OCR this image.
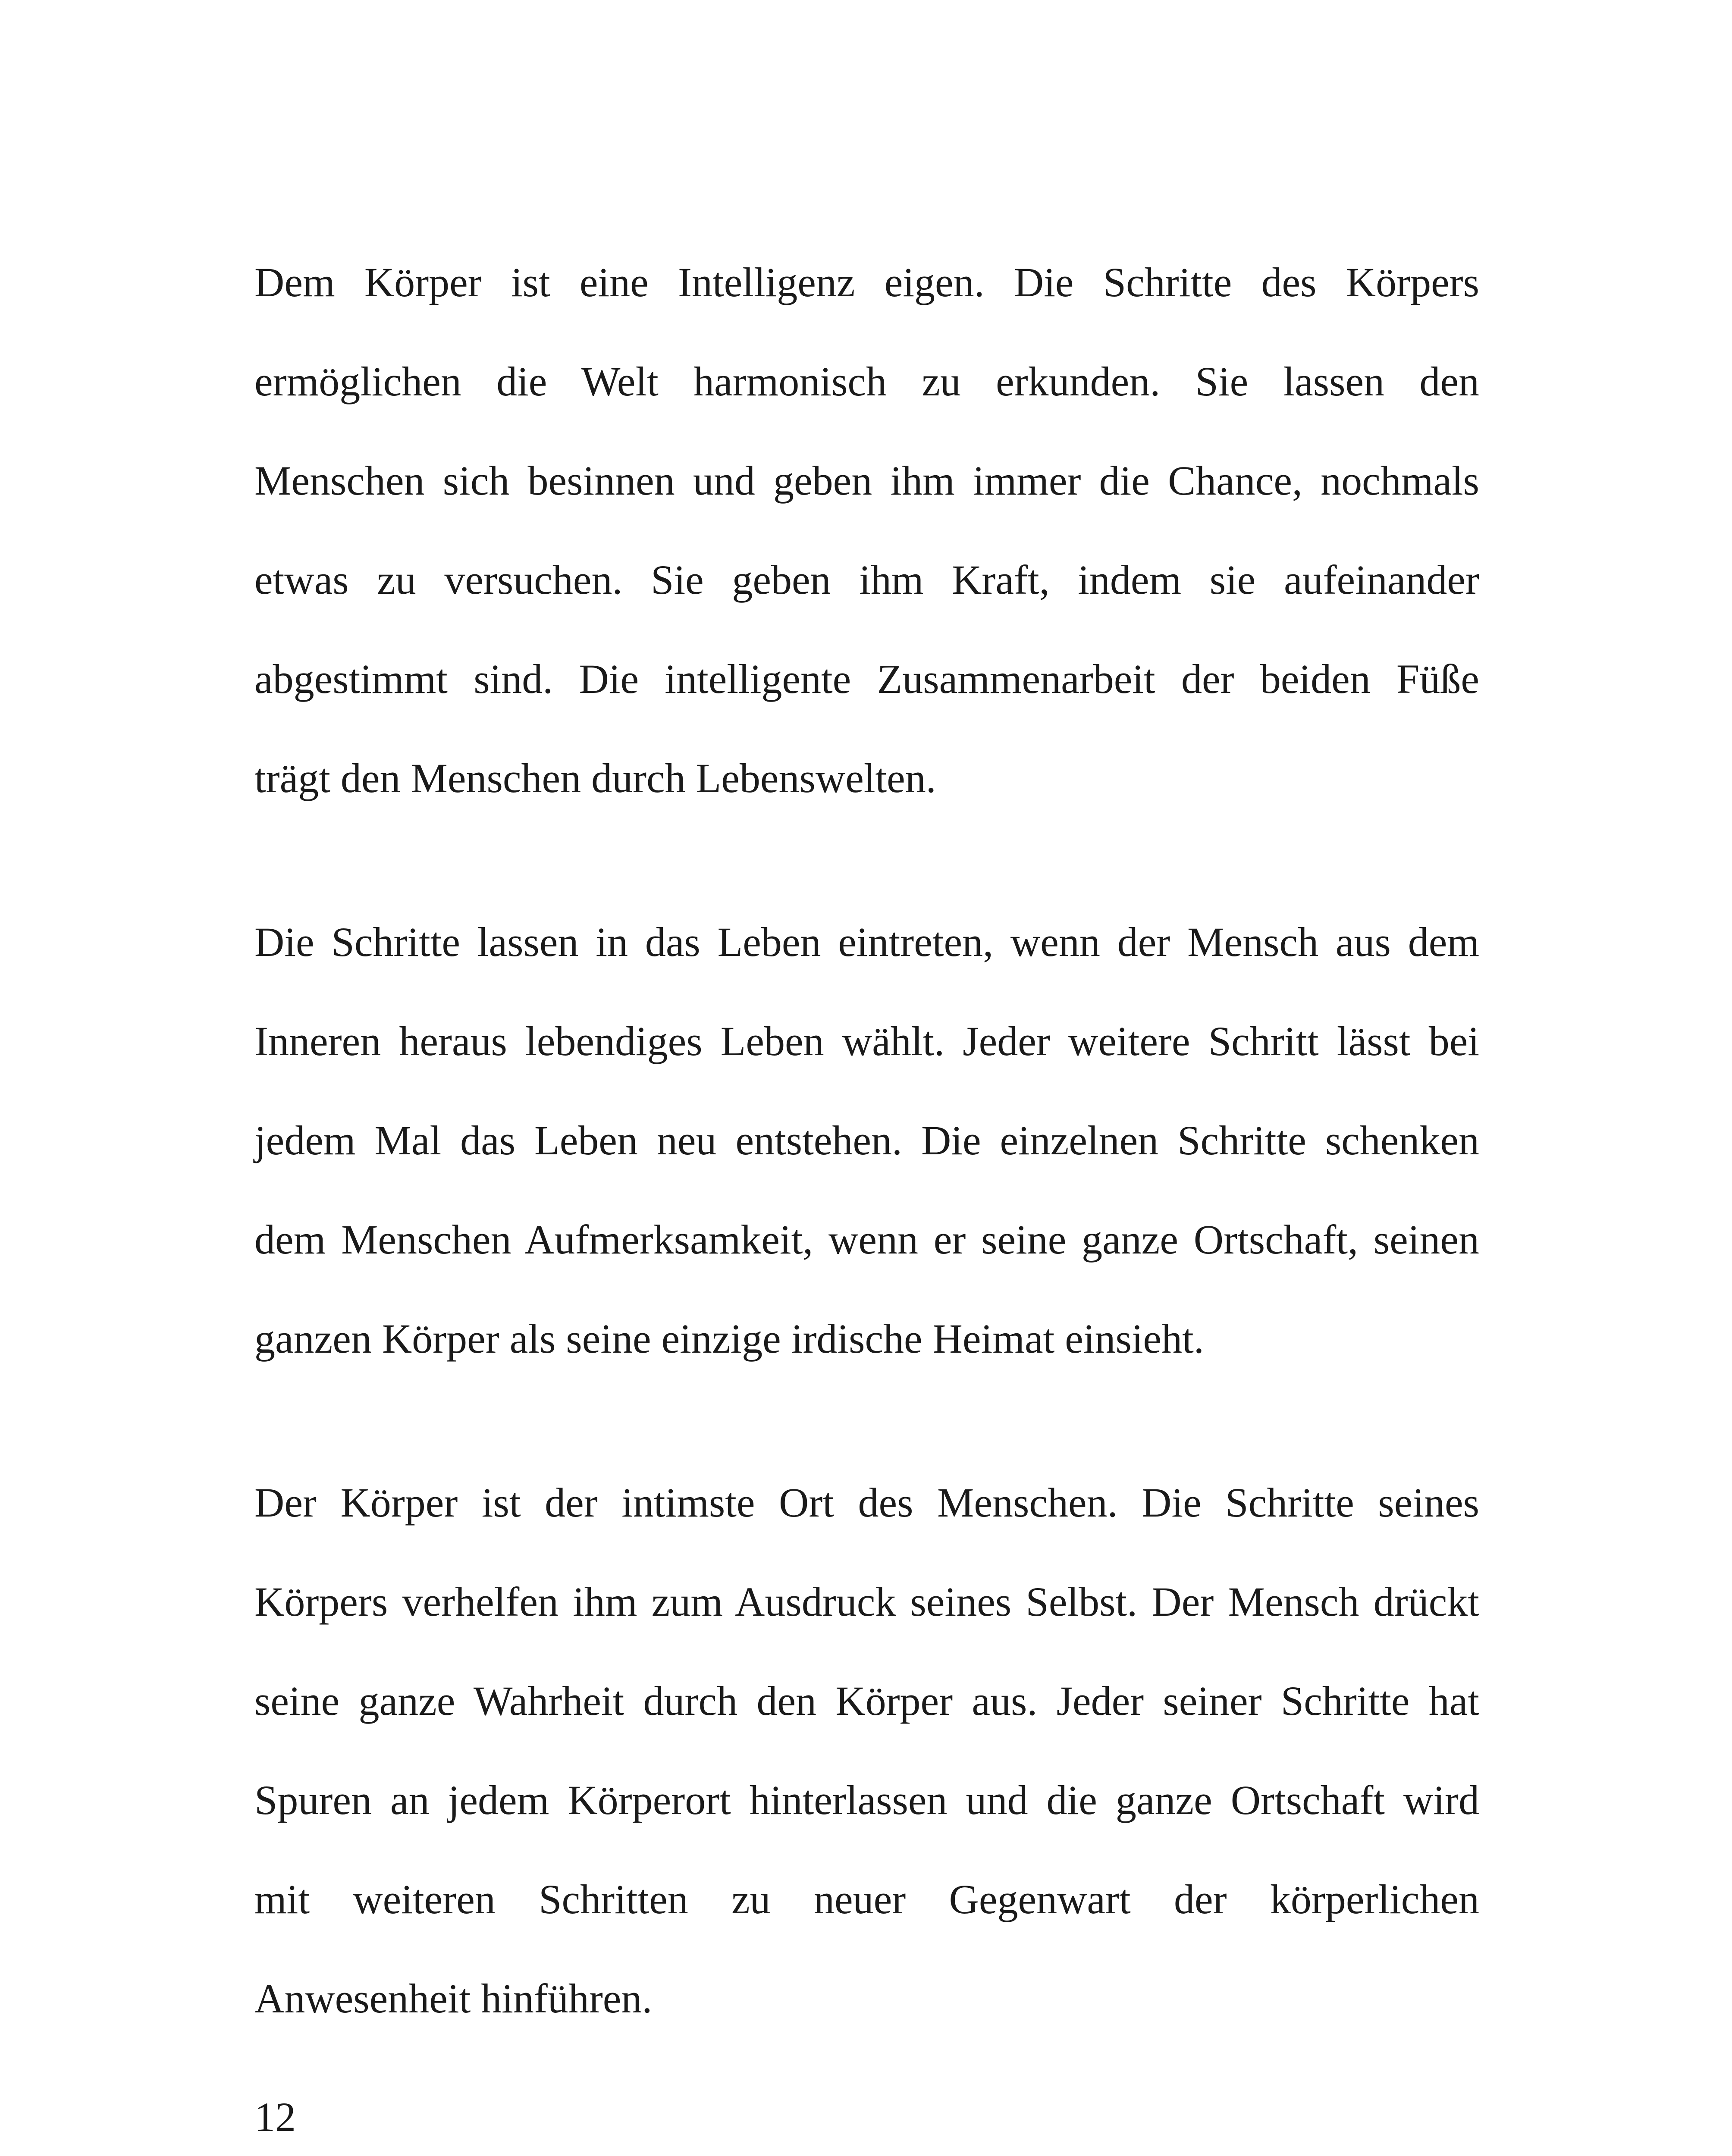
Dem Körper ist eine Intelligenz eigen. Die Schritte des Körpers
ermöglichen die Welt harmonisch zu erkunden. Sie lassen den
Menschen sich besinnen und geben ihm immer die Chance, nochmals
etwas zu versuchen. Sie geben ihm Kraft, indem sie aufeinander
abgestimmt sind. Die intelligente Zusammenarbeit der beiden Füße
trägt den Menschen durch Lebenswelten.
Die Schritte lassen in das Leben eintreten, wenn der Mensch aus dem
Inneren heraus lebendiges Leben wählt. Jeder weitere Schritt lässt bei
jedem Mal das Leben neu entstehen. Die einzelnen Schritte schenken
dem Menschen Aufmerksamkeit, wenn er seine ganze Ortschaft, seinen
ganzen Körper als seine einzige irdische Heimat einsieht.
Der Körper ist der intimste Ort des Menschen. Die Schritte seines
Körpers verhelfen ihm zum Ausdruck seines Selbst. Der Mensch drückt
seine ganze Wahrheit durch den Körper aus. Jeder seiner Schritte hat
Spuren an jedem Körperort hinterlassen und die ganze Ortschaft wird
mit weiteren Schritten zu neuer Gegenwart der körperlichen
Anwesenheit hinführen.
12
